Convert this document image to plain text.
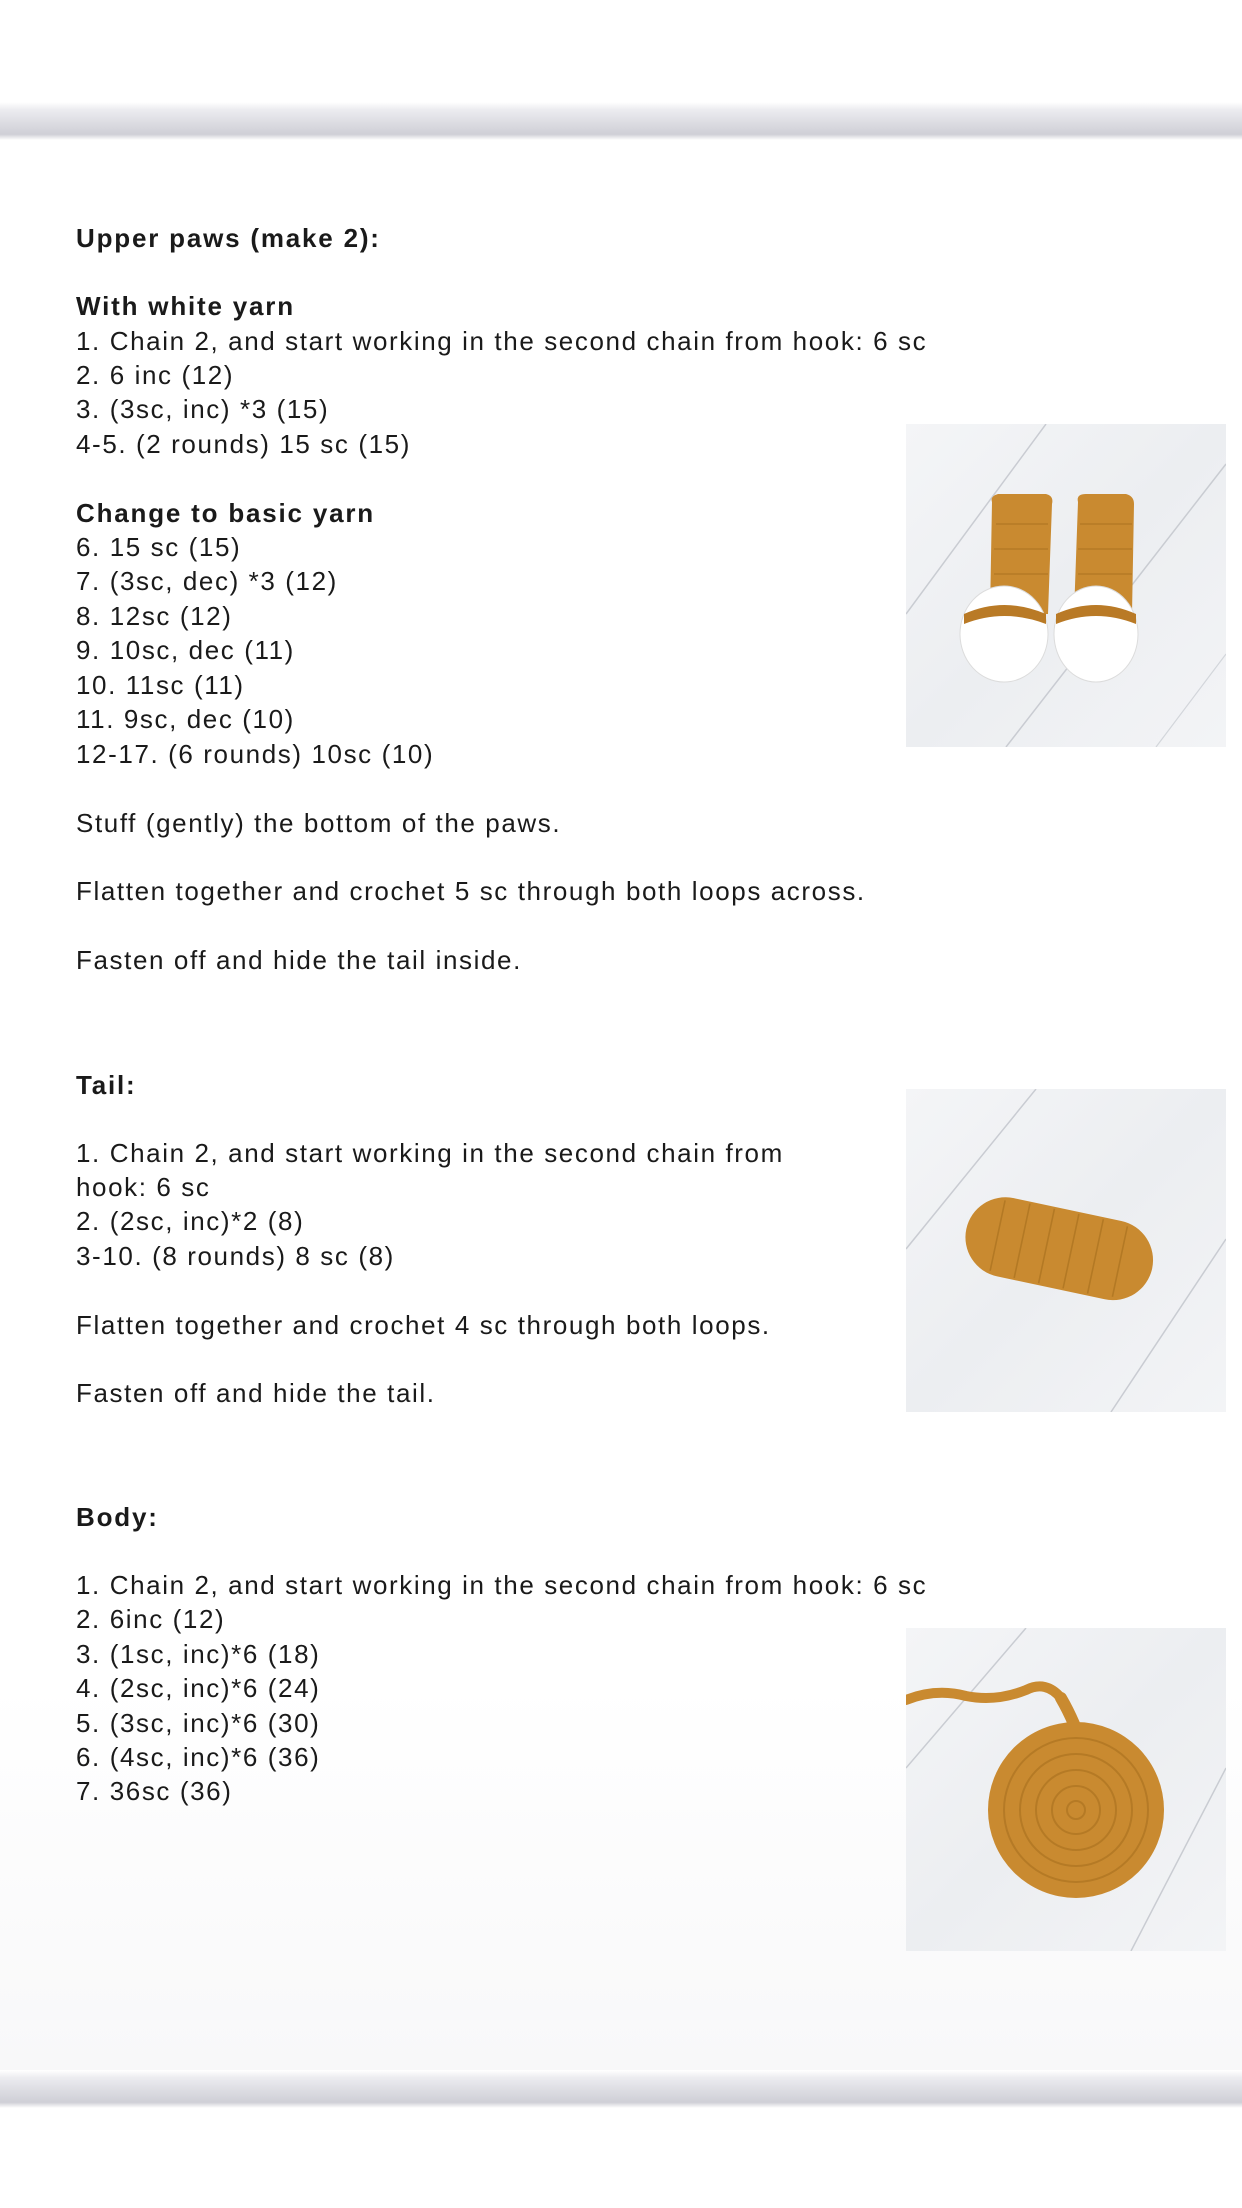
Upper paws (make 2):
With white yarn
1. Chain 2, and start working in the second chain from hook: 6 sc
2. 6 inc (12)
3. (3sc, inc) *3 (15)
4-5. (2 rounds) 15 sc (15)
Change to basic yarn
6. 15 sc (15)
7. (3sc, dec) *3 (12)
8. 12sc (12)
9. 10sc, dec (11)
10. 11sc (11)
11. 9sc, dec (10)
12-17. (6 rounds) 10sc (10)
Stuff (gently) the bottom of the paws.
Flatten together and crochet 5 sc through both loops across.
Fasten off and hide the tail inside.
Tail:
1. Chain 2, and start working in the second chain from
hook: 6 sc
2. (2sc, inc)*2 (8)
3-10. (8 rounds) 8 sc (8)
Flatten together and crochet 4 sc through both loops.
Fasten off and hide the tail.
Body:
1. Chain 2, and start working in the second chain from hook: 6 sc
2. 6inc (12)
3. (1sc, inc)*6 (18)
4. (2sc, inc)*6 (24)
5. (3sc, inc)*6 (30)
6. (4sc, inc)*6 (36)
7. 36sc (36)
